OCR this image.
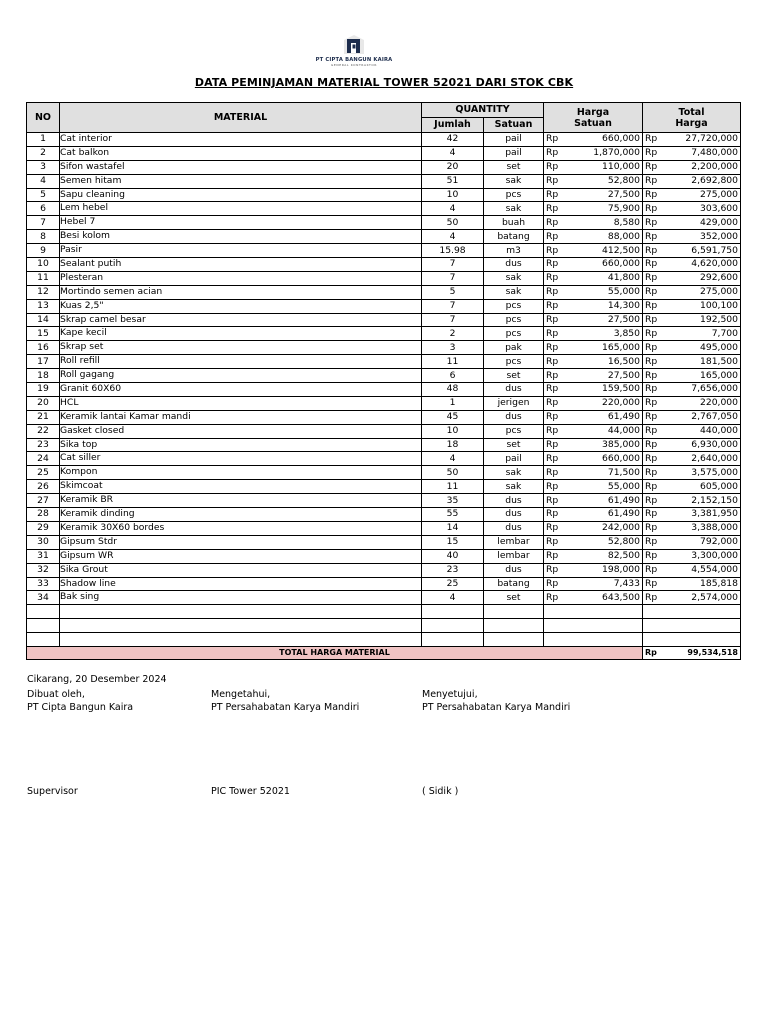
PT CIPTA BANGUN KAIRA
GENERAL KONTRAKTOR
DATA PEMINJAMAN MATERIAL TOWER 52021 DARI STOK CBK
NO	MATERIAL	QUANTITY		Harga Satuan	Total Harga
		Jumlah	Satuan		
1	Cat interior	42	pail	Rp 660,000	Rp 27,720,000

2	Cat balkon	4	pail	Rp 1,870,000	Rp 7,480,000

3	Sifon wastafel	20	set	Rp 110,000	Rp 2,200,000

4	Semen hitam	51	sak	Rp 52,800	Rp 2,692,800

5	Sapu cleaning	10	pcs	Rp 27,500	Rp 275,000

6	Lem hebel	4	sak	Rp 75,900	Rp 303,600

7	Hebel 7	50	buah	Rp 8,580	Rp 429,000

8	Besi kolom	4	batang	Rp 88,000	Rp 352,000

9	Pasir	15.98	m3	Rp 412,500	Rp 6,591,750

10	Sealant putih	7	dus	Rp 660,000	Rp 4,620,000

11	Plesteran	7	sak	Rp 41,800	Rp 292,600

12	Mortindo semen acian	5	sak	Rp 55,000	Rp 275,000

13	Kuas 2,5"	7	pcs	Rp 14,300	Rp 100,100

14	Skrap camel besar	7	pcs	Rp 27,500	Rp 192,500

15	Kape kecil	2	pcs	Rp 3,850	Rp 7,700

16	Skrap set	3	pak	Rp 165,000	Rp 495,000

17	Roll refill	11	pcs	Rp 16,500	Rp 181,500

18	Roll gagang	6	set	Rp 27,500	Rp 165,000

19	Granit 60X60	48	dus	Rp 159,500	Rp 7,656,000

20	HCL	1	jerigen	Rp 220,000	Rp 220,000

21	Keramik lantai Kamar mandi	45	dus	Rp 61,490	Rp 2,767,050

22	Gasket closed	10	pcs	Rp 44,000	Rp 440,000

23	Sika top	18	set	Rp 385,000	Rp 6,930,000

24	Cat siller	4	pail	Rp 660,000	Rp 2,640,000

25	Kompon	50	sak	Rp 71,500	Rp 3,575,000

26	Skimcoat	11	sak	Rp 55,000	Rp 605,000

27	Keramik BR	35	dus	Rp 61,490	Rp 2,152,150

28	Keramik dinding	55	dus	Rp 61,490	Rp 3,381,950

29	Keramik 30X60 bordes	14	dus	Rp 242,000	Rp 3,388,000

30	Gipsum Stdr	15	lembar	Rp 52,800	Rp 792,000

31	Gipsum WR	40	lembar	Rp 82,500	Rp 3,300,000

32	Sika Grout	23	dus	Rp 198,000	Rp 4,554,000

33	Shadow line	25	batang	Rp 7,433	Rp 185,818

34	Bak sing	4	set	Rp 643,500	Rp 2,574,000

TOTAL HARGA MATERIAL					Rp 99,534,518
Cikarang, 20 Desember 2024
Dibuat oleh,
PT Cipta Bangun Kaira
Mengetahui,
PT Persahabatan Karya Mandiri
Menyetujui,
PT Persahabatan Karya Mandiri
Supervisor	PIC Tower 52021	( Sidik )
